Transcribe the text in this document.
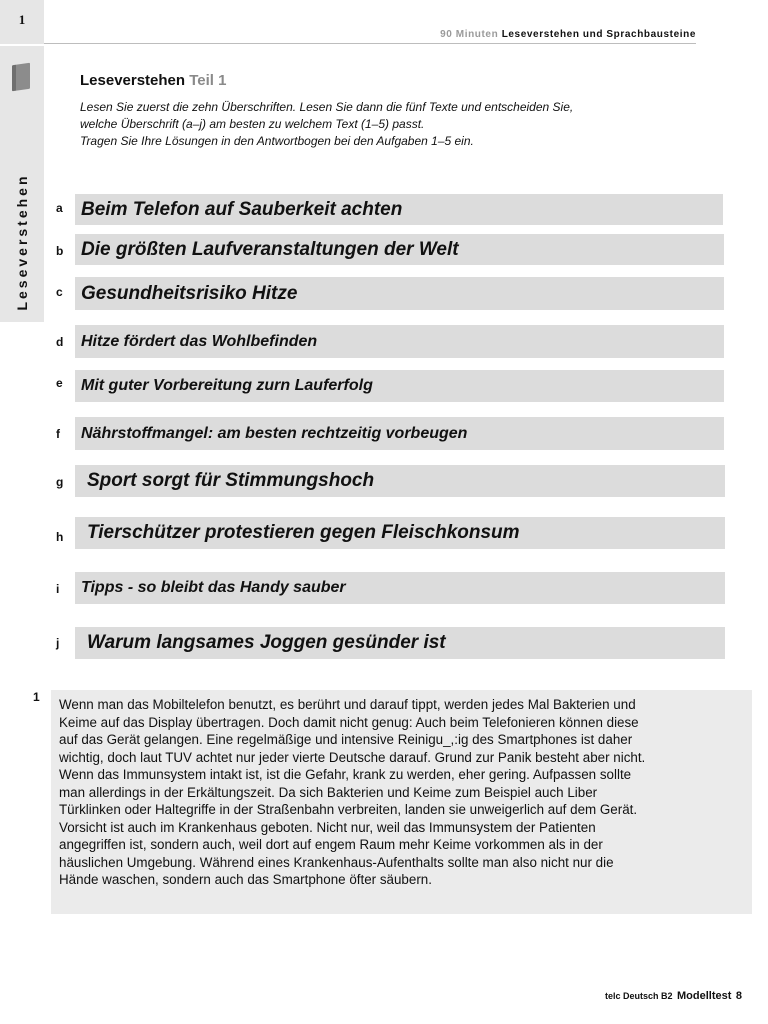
1
Leseverstehen
90 Minuten Leseverstehen und Sprachbausteine
Leseverstehen Teil 1
Lesen Sie zuerst die zehn Überschriften. Lesen Sie dann die fünf Texte und entscheiden Sie,
welche Überschrift (a–j) am besten zu welchem Text (1–5) passt.
Tragen Sie Ihre Lösungen in den Antwortbogen bei den Aufgaben 1–5 ein.
a Beim Telefon auf Sauberkeit achten
b Die größten Laufveranstaltungen der Welt
c Gesundheitsrisiko Hitze
d	Hitze fördert das Wohlbefinden
e	Mit guter Vorbereitung zurn Lauferfolg
f	Nährstoffmangel: am besten rechtzeitig vorbeugen
g	Sport sorgt für Stimmungshoch
h	Tierschützer protestieren gegen Fleischkonsum
i	Tipps - so bleibt das Handy sauber
j	Warum langsames Joggen gesünder ist
1 Wenn man das Mobiltelefon benutzt, es berührt und darauf tippt, werden jedes Mal Bakterien und
Keime auf das Display übertragen. Doch damit nicht genug: Auch beim Telefonieren können diese
auf das Gerät gelangen. Eine regelmäßige und intensive Reinigu_,:ig des Smartphones ist daher
wichtig, doch laut TUV achtet nur jeder vierte Deutsche darauf. Grund zur Panik besteht aber nicht.
Wenn das Immunsystem intakt ist, ist die Gefahr, krank zu werden, eher gering. Aufpassen sollte
man allerdings in der Erkältungszeit. Da sich Bakterien und Keime zum Beispiel auch Liber
Türklinken oder Haltegriffe in der Straßenbahn verbreiten, landen sie unweigerlich auf dem Gerät.
Vorsicht ist auch im Krankenhaus geboten. Nicht nur, weil das Immunsystem der Patienten
angegriffen ist, sondern auch, weil dort auf engem Raum mehr Keime vorkommen als in der
häuslichen Umgebung. Während eines Krankenhaus-Aufenthalts sollte man also nicht nur die
Hände waschen, sondern auch das Smartphone öfter säubern.
telc Deutsch B2 Modelltest 8
